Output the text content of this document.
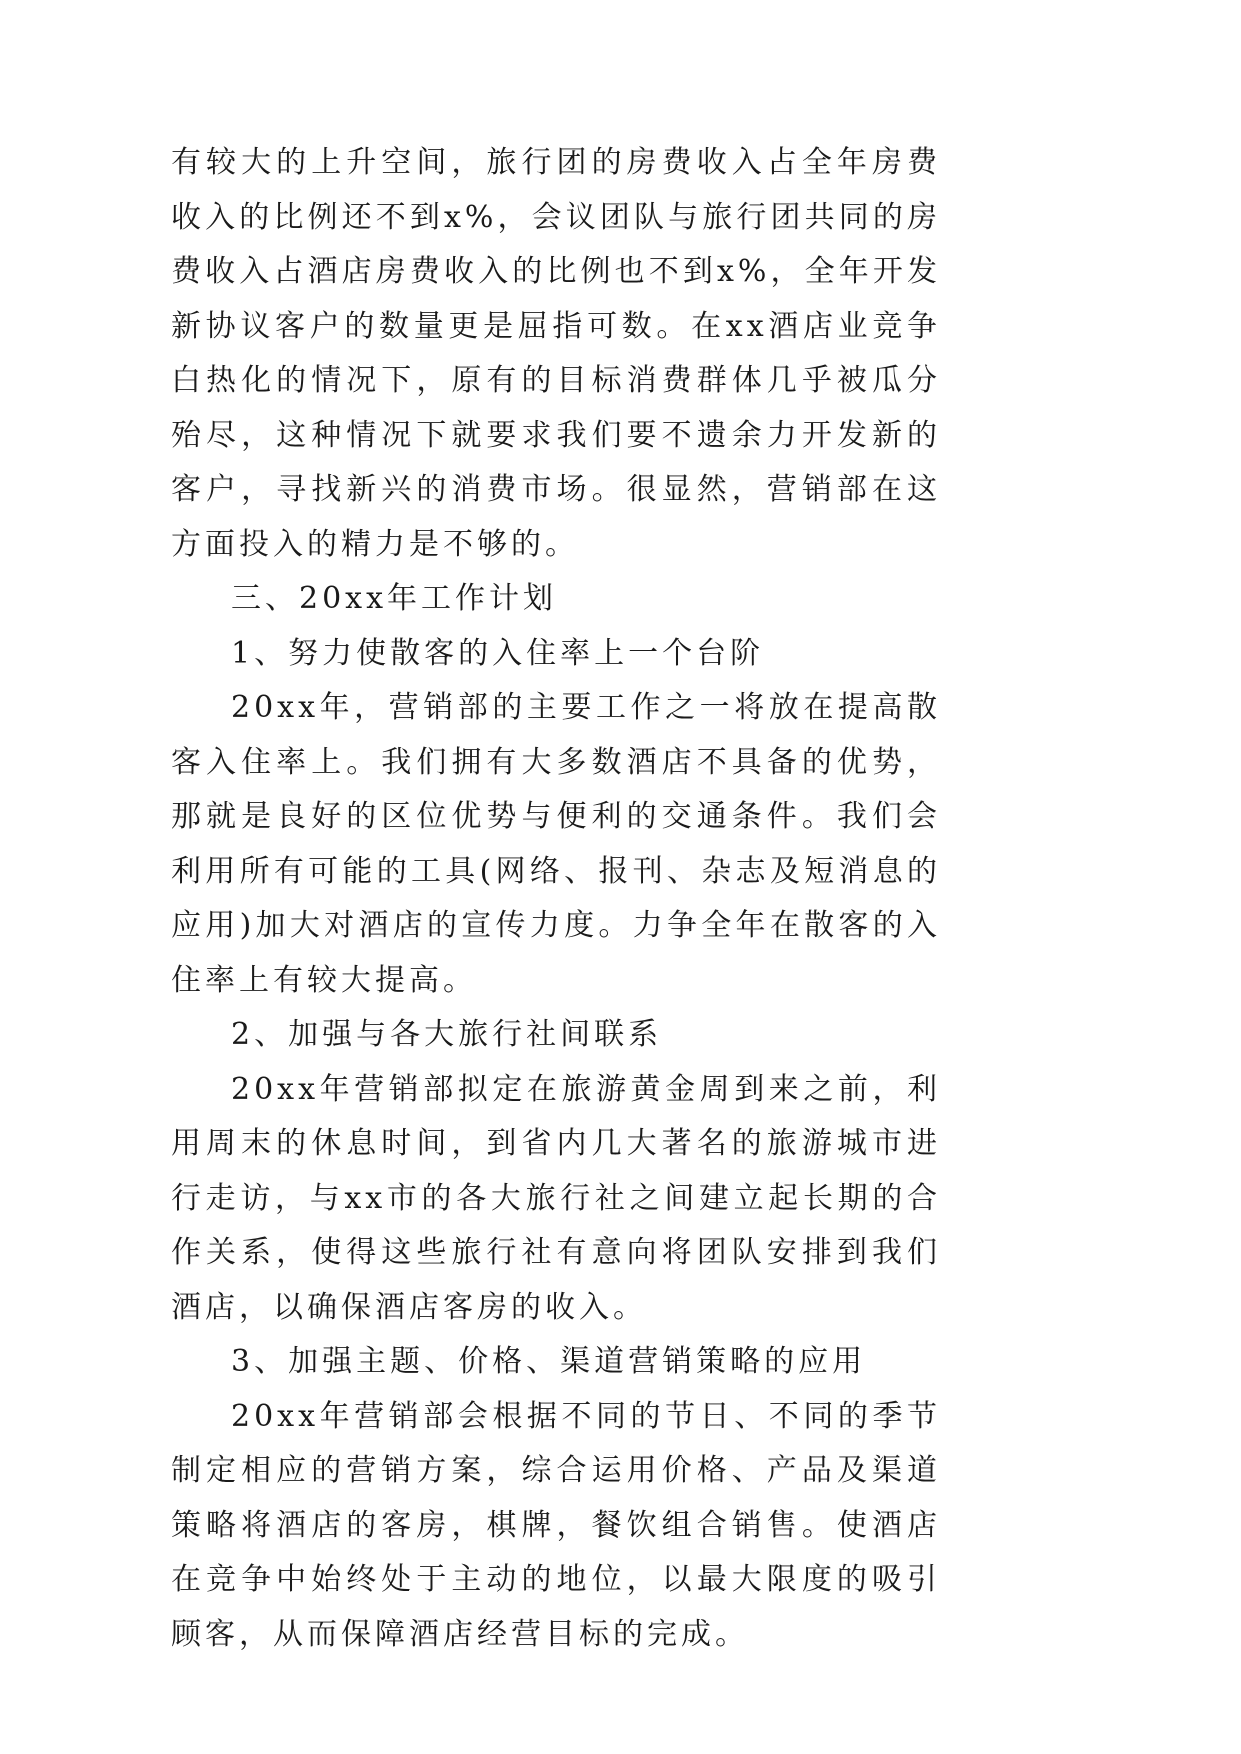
有较大的上升空间，旅行团的房费收入占全年房费收入的比例还不到x%，会议团队与旅行团共同的房费收入占酒店房费收入的比例也不到x%，全年开发新协议客户的数量更是屈指可数。在xx酒店业竞争白热化的情况下，原有的目标消费群体几乎被瓜分殆尽，这种情况下就要求我们要不遗余力开发新的客户，寻找新兴的消费市场。很显然，营销部在这方面投入的精力是不够的。

三、20xx年工作计划

1、努力使散客的入住率上一个台阶

20xx年，营销部的主要工作之一将放在提高散客入住率上。我们拥有大多数酒店不具备的优势，那就是良好的区位优势与便利的交通条件。我们会利用所有可能的工具(网络、报刊、杂志及短消息的应用)加大对酒店的宣传力度。力争全年在散客的入住率上有较大提高。

2、加强与各大旅行社间联系

20xx年营销部拟定在旅游黄金周到来之前，利用周末的休息时间，到省内几大著名的旅游城市进行走访，与xx市的各大旅行社之间建立起长期的合作关系，使得这些旅行社有意向将团队安排到我们酒店，以确保酒店客房的收入。

3、加强主题、价格、渠道营销策略的应用

20xx年营销部会根据不同的节日、不同的季节制定相应的营销方案，综合运用价格、产品及渠道策略将酒店的客房，棋牌，餐饮组合销售。使酒店在竞争中始终处于主动的地位，以最大限度的吸引顾客，从而保障酒店经营目标的完成。
